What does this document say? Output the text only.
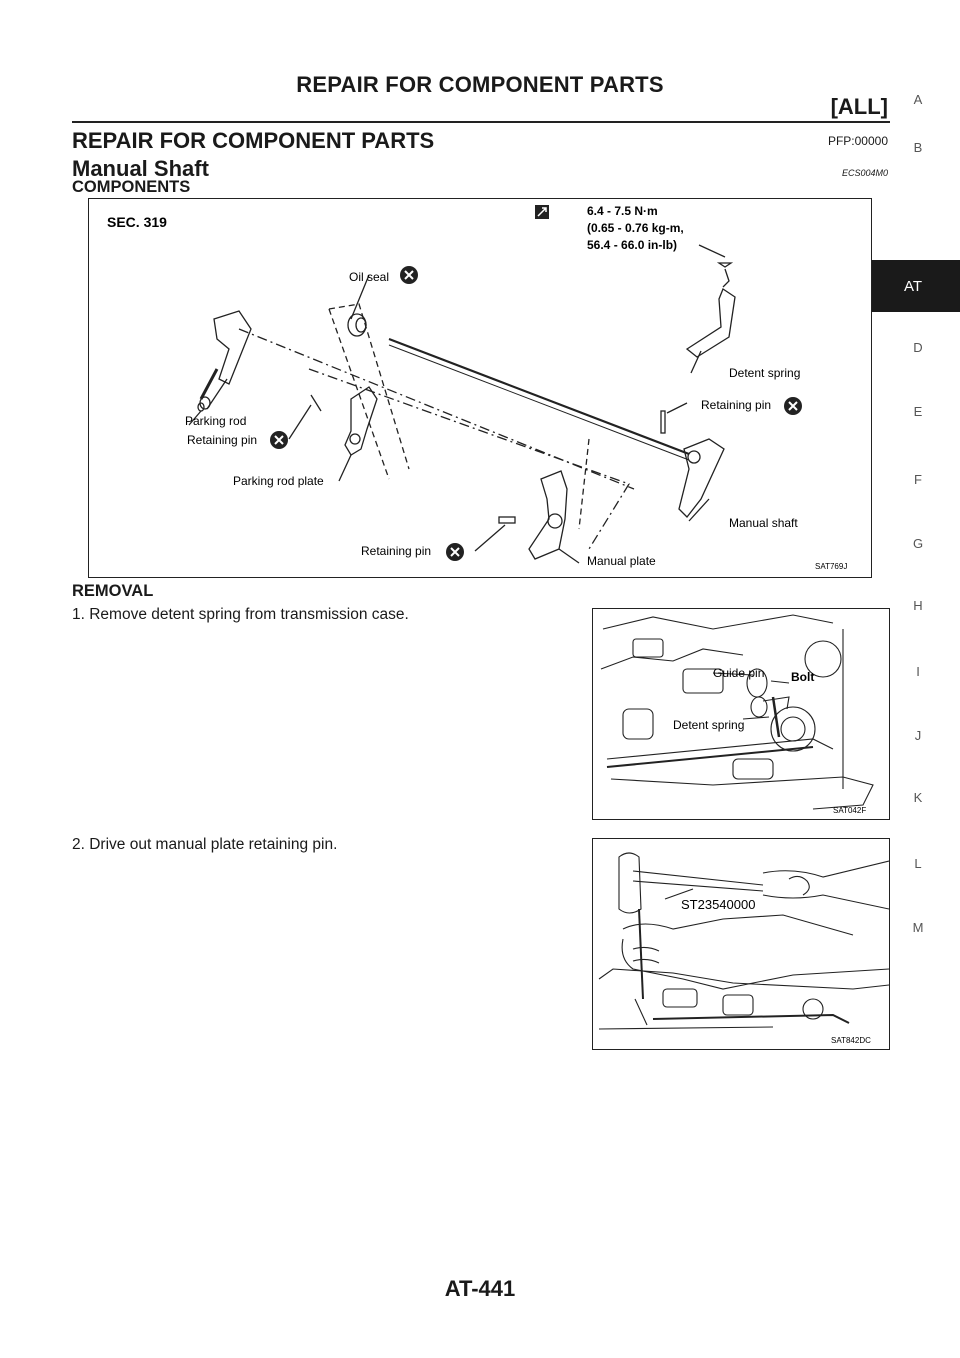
REPAIR FOR COMPONENT PARTS
[ALL]
REPAIR FOR COMPONENT PARTS	PFP:00000
Manual Shaft	ECS004M0
COMPONENTS
A
B
AT
D
E
F
G
H
I
J
K
L
M
SEC. 319
6.4 - 7.5 N·m
(0.65 - 0.76 kg-m,
56.4 - 66.0 in-lb)
Oil seal
Detent spring
Retaining pin
Parking rod
Retaining pin
Parking rod plate
Manual shaft
Retaining pin
Manual plate	SAT769J
REMOVAL
1. Remove detent spring from transmission case.
Guide pin Bolt
Detent spring
SAT042F
2. Drive out manual plate retaining pin.
ST23540000
SAT842DC
AT-441
